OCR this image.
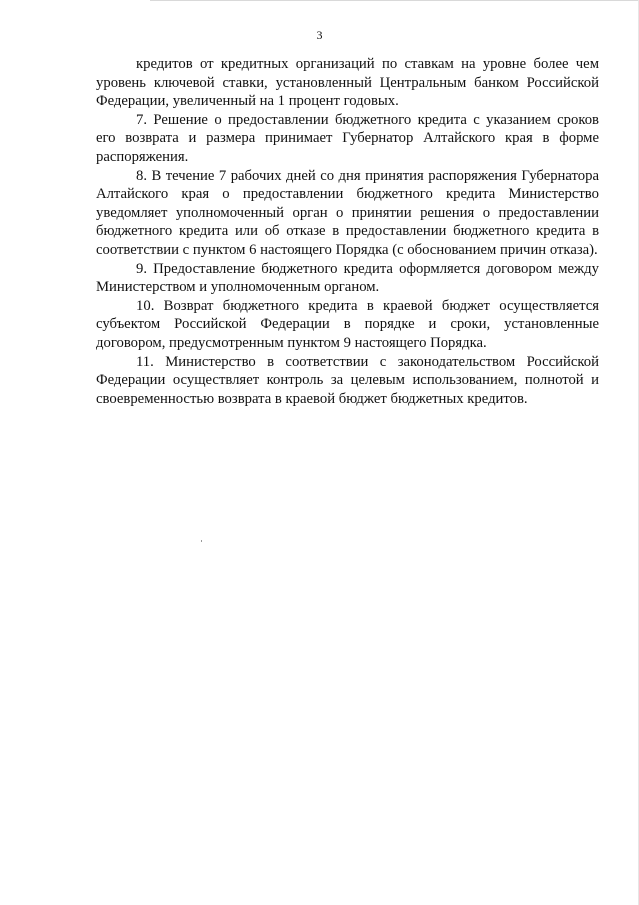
3

кредитов от кредитных организаций по ставкам на уровне более чем уровень ключевой ставки, установленный Центральным банком Российской Федерации, увеличенный на 1 процент годовых.

7. Решение о предоставлении бюджетного кредита с указанием сроков его возврата и размера принимает Губернатор Алтайского края в форме распоряжения.

8. В течение 7 рабочих дней со дня принятия распоряжения Губернатора Алтайского края о предоставлении бюджетного кредита Министерство уведомляет уполномоченный орган о принятии решения о предоставлении бюджетного кредита или об отказе в предоставлении бюджетного кредита в соответствии с пунктом 6 настоящего Порядка (с обоснованием причин отказа).

9. Предоставление бюджетного кредита оформляется договором между Министерством и уполномоченным органом.

10. Возврат бюджетного кредита в краевой бюджет осуществляется субъектом Российской Федерации в порядке и сроки, установленные договором, предусмотренным пунктом 9 настоящего Порядка.

11. Министерство в соответствии с законодательством Российской Федерации осуществляет контроль за целевым использованием, полнотой и своевременностью возврата в краевой бюджет бюджетных кредитов.
